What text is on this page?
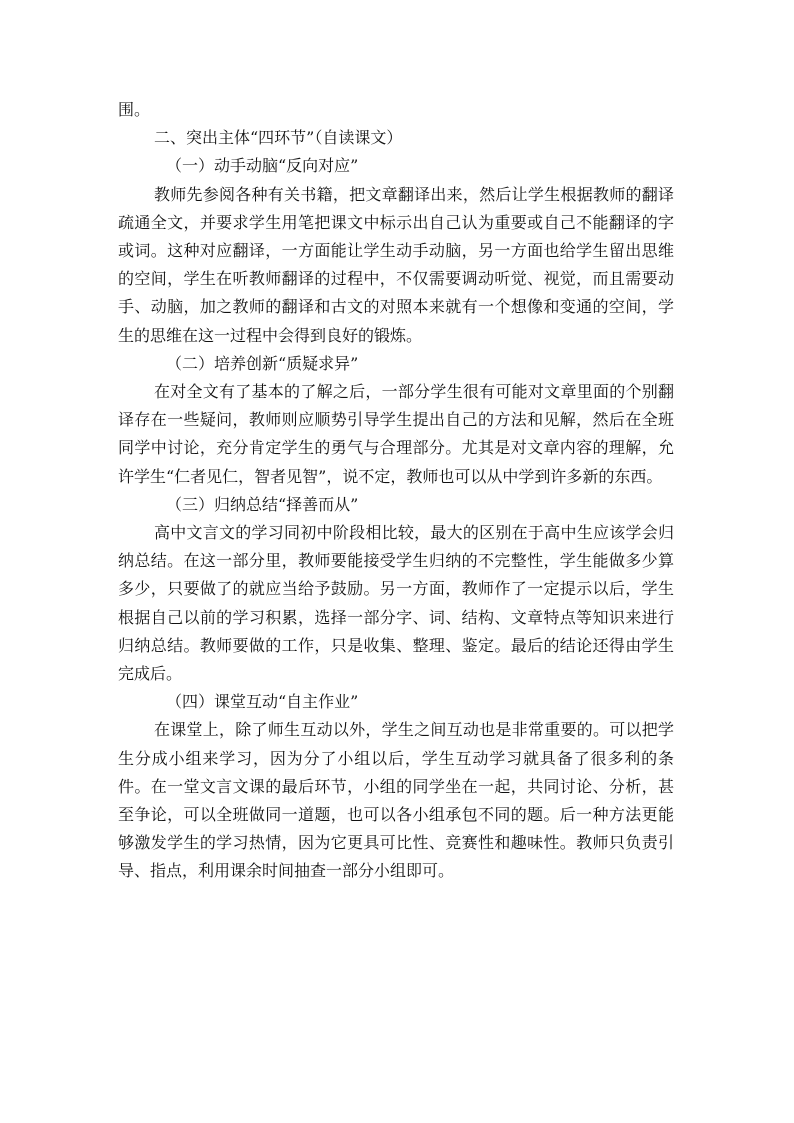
围。

二、突出主体“四环节”（自读课文）

（一）动手动脑“反向对应”

教师先参阅各种有关书籍，把文章翻译出来，然后让学生根据教师的翻译疏通全文，并要求学生用笔把课文中标示出自己认为重要或自己不能翻译的字或词。这种对应翻译，一方面能让学生动手动脑，另一方面也给学生留出思维的空间，学生在听教师翻译的过程中，不仅需要调动听觉、视觉，而且需要动手、动脑，加之教师的翻译和古文的对照本来就有一个想像和变通的空间，学生的思维在这一过程中会得到良好的锻炼。

（二）培养创新“质疑求异”

在对全文有了基本的了解之后，一部分学生很有可能对文章里面的个别翻译存在一些疑问，教师则应顺势引导学生提出自己的方法和见解，然后在全班同学中讨论，充分肯定学生的勇气与合理部分。尤其是对文章内容的理解，允许学生“仁者见仁，智者见智”，说不定，教师也可以从中学到许多新的东西。

（三）归纳总结“择善而从”

高中文言文的学习同初中阶段相比较，最大的区别在于高中生应该学会归纳总结。在这一部分里，教师要能接受学生归纳的不完整性，学生能做多少算多少，只要做了的就应当给予鼓励。另一方面，教师作了一定提示以后，学生根据自己以前的学习积累，选择一部分字、词、结构、文章特点等知识来进行归纳总结。教师要做的工作，只是收集、整理、鉴定。最后的结论还得由学生完成后。

（四）课堂互动“自主作业”

在课堂上，除了师生互动以外，学生之间互动也是非常重要的。可以把学生分成小组来学习，因为分了小组以后，学生互动学习就具备了很多利的条件。在一堂文言文课的最后环节，小组的同学坐在一起，共同讨论、分析，甚至争论，可以全班做同一道题，也可以各小组承包不同的题。后一种方法更能够激发学生的学习热情，因为它更具可比性、竞赛性和趣味性。教师只负责引导、指点，利用课余时间抽查一部分小组即可。
